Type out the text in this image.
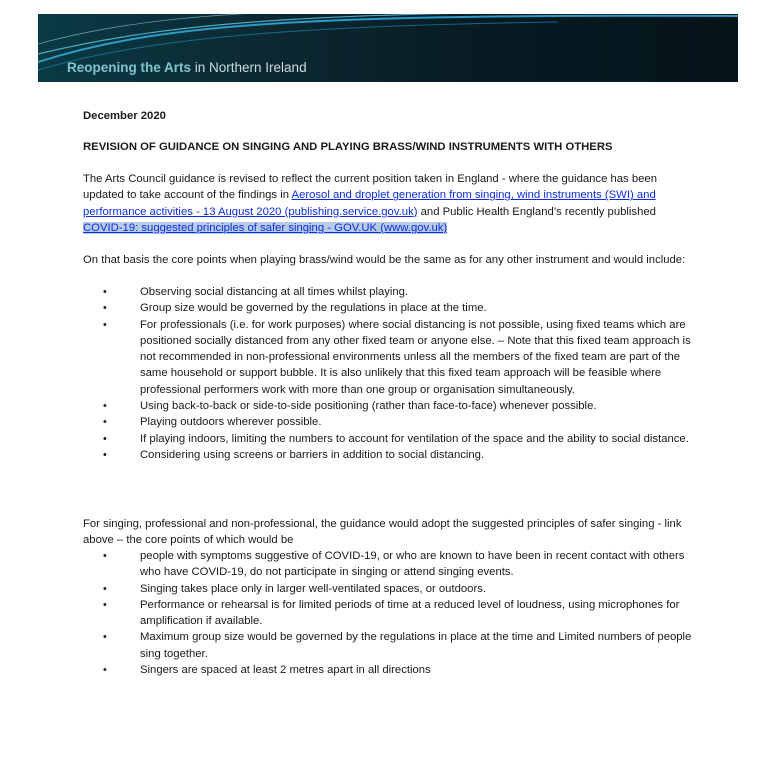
Reopening the Arts in Northern Ireland
December 2020
REVISION OF GUIDANCE ON SINGING AND PLAYING BRASS/WIND INSTRUMENTS WITH OTHERS

The Arts Council guidance is revised to reflect the current position taken in England - where the guidance has been updated to take account of the findings in Aerosol and droplet generation from singing, wind instruments (SWI) and performance activities - 13 August 2020 (publishing.service.gov.uk) and Public Health England’s recently published COVID-19: suggested principles of safer singing - GOV.UK (www.gov.uk)

On that basis the core points when playing brass/wind would be the same as for any other instrument and would include:

•	Observing social distancing at all times whilst playing.
•	Group size would be governed by the regulations in place at the time.
•	For professionals (i.e. for work purposes) where social distancing is not possible, using fixed teams which are positioned socially distanced from any other fixed team or anyone else. – Note that this fixed team approach is not recommended in non-professional environments unless all the members of the fixed team are part of the same household or support bubble. It is also unlikely that this fixed team approach will be feasible where professional performers work with more than one group or organisation simultaneously.
•	Using back-to-back or side-to-side positioning (rather than face-to-face) whenever possible.
•	Playing outdoors wherever possible.
•	If playing indoors, limiting the numbers to account for ventilation of the space and the ability to social distance.
•	Considering using screens or barriers in addition to social distancing.

For singing, professional and non-professional, the guidance would adopt the suggested principles of safer singing - link above – the core points of which would be

•	people with symptoms suggestive of COVID-19, or who are known to have been in recent contact with others who have COVID-19, do not participate in singing or attend singing events.
•	Singing takes place only in larger well-ventilated spaces, or outdoors.
•	Performance or rehearsal is for limited periods of time at a reduced level of loudness, using microphones for amplification if available.
•	Maximum group size would be governed by the regulations in place at the time and Limited numbers of people sing together.
•	Singers are spaced at least 2 metres apart in all directions
